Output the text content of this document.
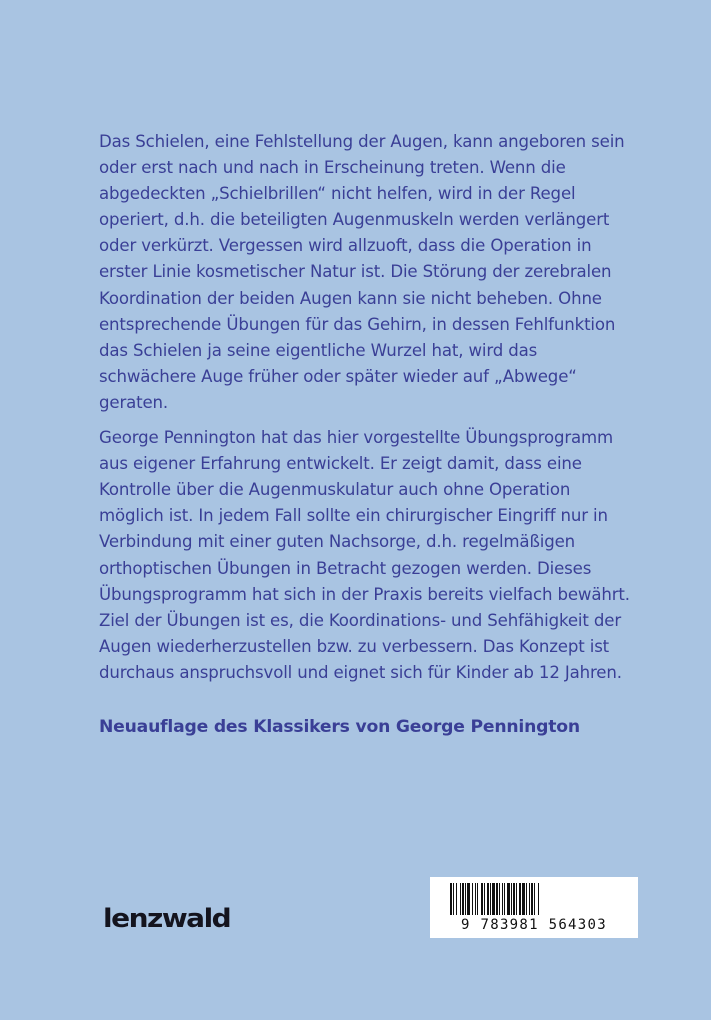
Das Schielen, eine Fehlstellung der Augen, kann angeboren sein oder erst nach und nach in Erscheinung treten. Wenn die abgedeckten „Schielbrillen“ nicht helfen, wird in der Regel operiert, d.h. die beteiligten Augenmuskeln werden verlängert oder verkürzt. Vergessen wird allzuoft, dass die Operation in erster Linie kosmetischer Natur ist. Die Störung der zerebralen Koordination der beiden Augen kann sie nicht beheben. Ohne entsprechende Übungen für das Gehirn, in dessen Fehlfunktion das Schielen ja seine eigentliche Wurzel hat, wird das schwächere Auge früher oder später wieder auf „Abwege“ geraten.

George Pennington hat das hier vorgestellte Übungsprogramm aus eigener Erfahrung entwickelt. Er zeigt damit, dass eine Kontrolle über die Augenmuskulatur auch ohne Operation möglich ist. In jedem Fall sollte ein chirurgischer Eingriff nur in Verbindung mit einer guten Nachsorge, d.h. regelmäßigen orthoptischen Übungen in Betracht gezogen werden. Dieses Übungsprogramm hat sich in der Praxis bereits vielfach bewährt. Ziel der Übungen ist es, die Koordinations- und Sehfähigkeit der Augen wiederherzustellen bzw. zu verbessern. Das Konzept ist durchaus anspruchsvoll und eignet sich für Kinder ab 12 Jahren.

Neuauflage des Klassikers von George Pennington

lenzwald	9 783981 564303
